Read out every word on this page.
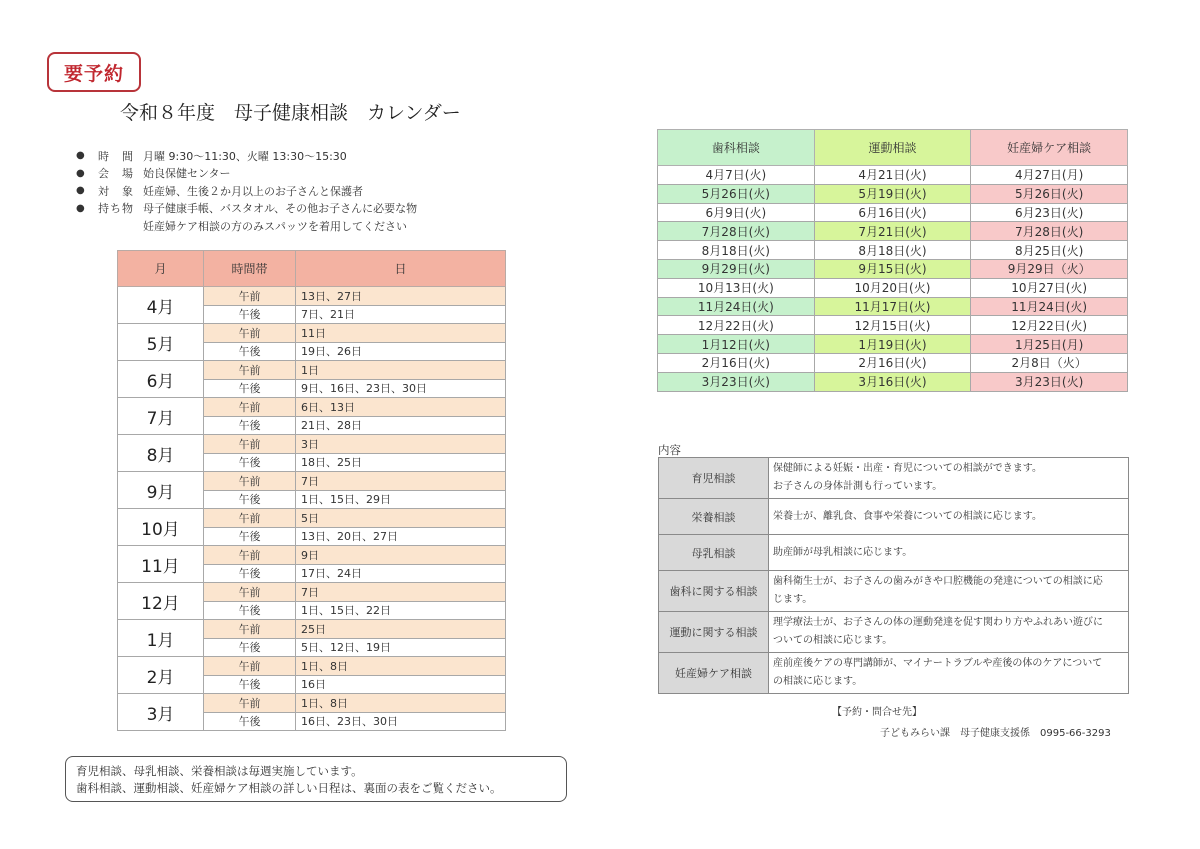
要予約
令和８年度　母子健康相談　カレンダー
●	時　間 月曜 9:30～11:30、火曜 13:30～15:30
●	会　場 始良保健センター
●	対　象 妊産婦、生後２か月以上のお子さんと保護者
●	持ち物 母子健康手帳、バスタオル、その他お子さんに必要な物
妊産婦ケア相談の方のみスパッツを着用してください
月	時間帯	日
4月	午前	13日、27日
	午後	7日、21日
5月	午前	11日
	午後	19日、26日
6月	午前	1日
	午後	9日、16日、23日、30日
7月	午前	6日、13日
	午後	21日、28日
8月	午前	3日
	午後	18日、25日
9月	午前	7日
	午後	1日、15日、29日
10月	午前	5日
	午後	13日、20日、27日
11月	午前	9日
	午後	17日、24日
12月	午前	7日
	午後	1日、15日、22日
1月	午前	25日
	午後	5日、12日、19日
2月	午前	1日、8日
	午後	16日
3月	午前	1日、8日
	午後	16日、23日、30日
育児相談、母乳相談、栄養相談は毎週実施しています。
歯科相談、運動相談、妊産婦ケア相談の詳しい日程は、裏面の表をご覧ください。
歯科相談	運動相談	妊産婦ケア相談
4月7日(火)	4月21日(火)	4月27日(月)
5月26日(火)	5月19日(火)	5月26日(火)
6月9日(火)	6月16日(火)	6月23日(火)
7月28日(火)	7月21日(火)	7月28日(火)
8月18日(火)	8月18日(火)	8月25日(火)
9月29日(火)	9月15日(火)	9月29日（火）
10月13日(火)	10月20日(火)	10月27日(火)
11月24日(火)	11月17日(火)	11月24日(火)
12月22日(火)	12月15日(火)	12月22日(火)
1月12日(火)	1月19日(火)	1月25日(月)
2月16日(火)	2月16日(火)	2月8日（火）
3月23日(火)	3月16日(火)	3月23日(火)
内容
育児相談	保健師による妊娠・出産・育児についての相談ができます。
お子さんの身体計測も行っています。

栄養相談	栄養士が、離乳食、食事や栄養についての相談に応じます。

母乳相談	助産師が母乳相談に応じます。

歯科に関する相談	歯科衛生士が、お子さんの歯みがきや口腔機能の発達についての相談に応
じます。

運動に関する相談	理学療法士が、お子さんの体の運動発達を促す関わり方やふれあい遊びに
ついての相談に応じます。

妊産婦ケア相談	産前産後ケアの専門講師が、マイナートラブルや産後の体のケアについて
の相談に応じます。
【予約・問合せ先】
子どもみらい課　母子健康支援係　0995-66-3293
